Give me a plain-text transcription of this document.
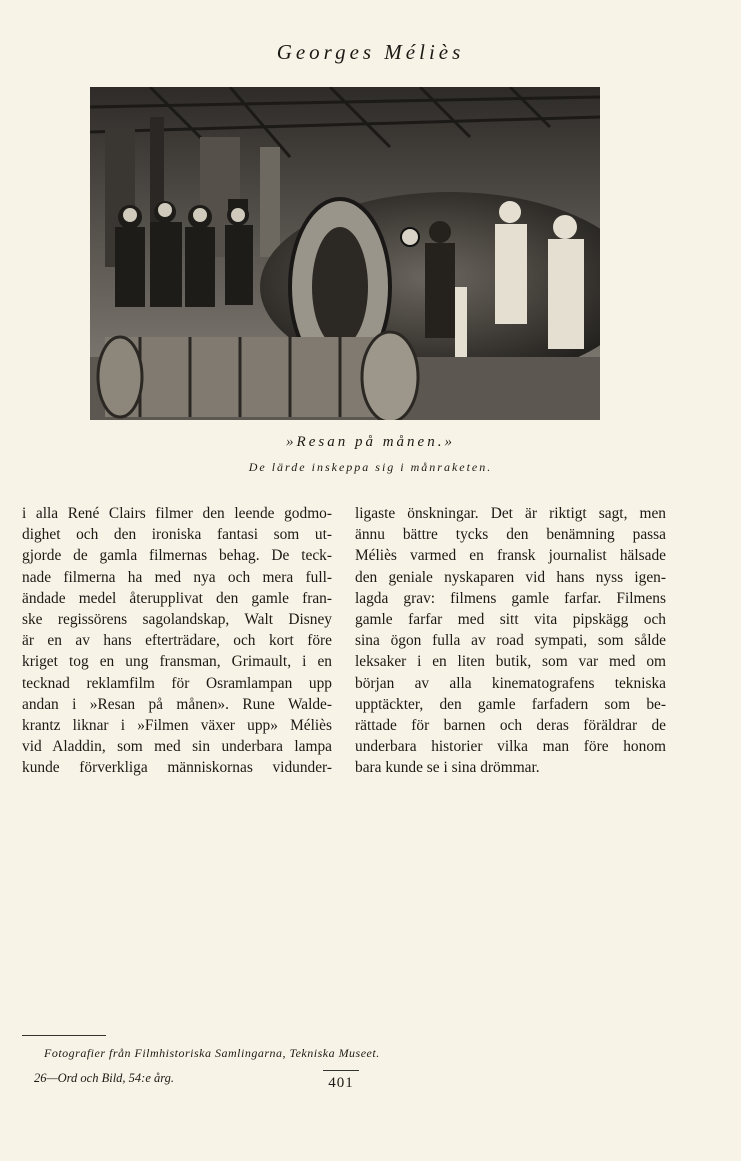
Georges Méliès
»Resan på månen.»
De lärde inskeppa sig i månraketen.
i alla René Clairs filmer den leende godmo-
dighet och den ironiska fantasi som ut-
gjorde de gamla filmernas behag. De teck-
nade filmerna ha med nya och mera full-
ändade medel återupplivat den gamle fran-
ske regissörens sagolandskap, Walt Disney
är en av hans efterträdare, och kort före
kriget tog en ung fransman, Grimault, i en
tecknad reklamfilm för Osramlampan upp
andan i »Resan på månen». Rune Walde-
krantz liknar i »Filmen växer upp» Méliès
vid Aladdin, som med sin underbara lampa
kunde förverkliga människornas vidunder-
ligaste önskningar. Det är riktigt sagt, men
ännu bättre tycks den benämning passa
Méliès varmed en fransk journalist hälsade
den geniale nyskaparen vid hans nyss igen-
lagda grav: filmens gamle farfar. Filmens
gamle farfar med sitt vita pipskägg och
sina ögon fulla av road sympati, som sålde
leksaker i en liten butik, som var med om
början av alla kinematografens tekniska
upptäckter, den gamle farfadern som be-
rättade för barnen och deras föräldrar de
underbara historier vilka man före honom
bara kunde se i sina drömmar.
Fotografier från Filmhistoriska Samlingarna, Tekniska Museet.
26—Ord och Bild, 54:e årg.	401
